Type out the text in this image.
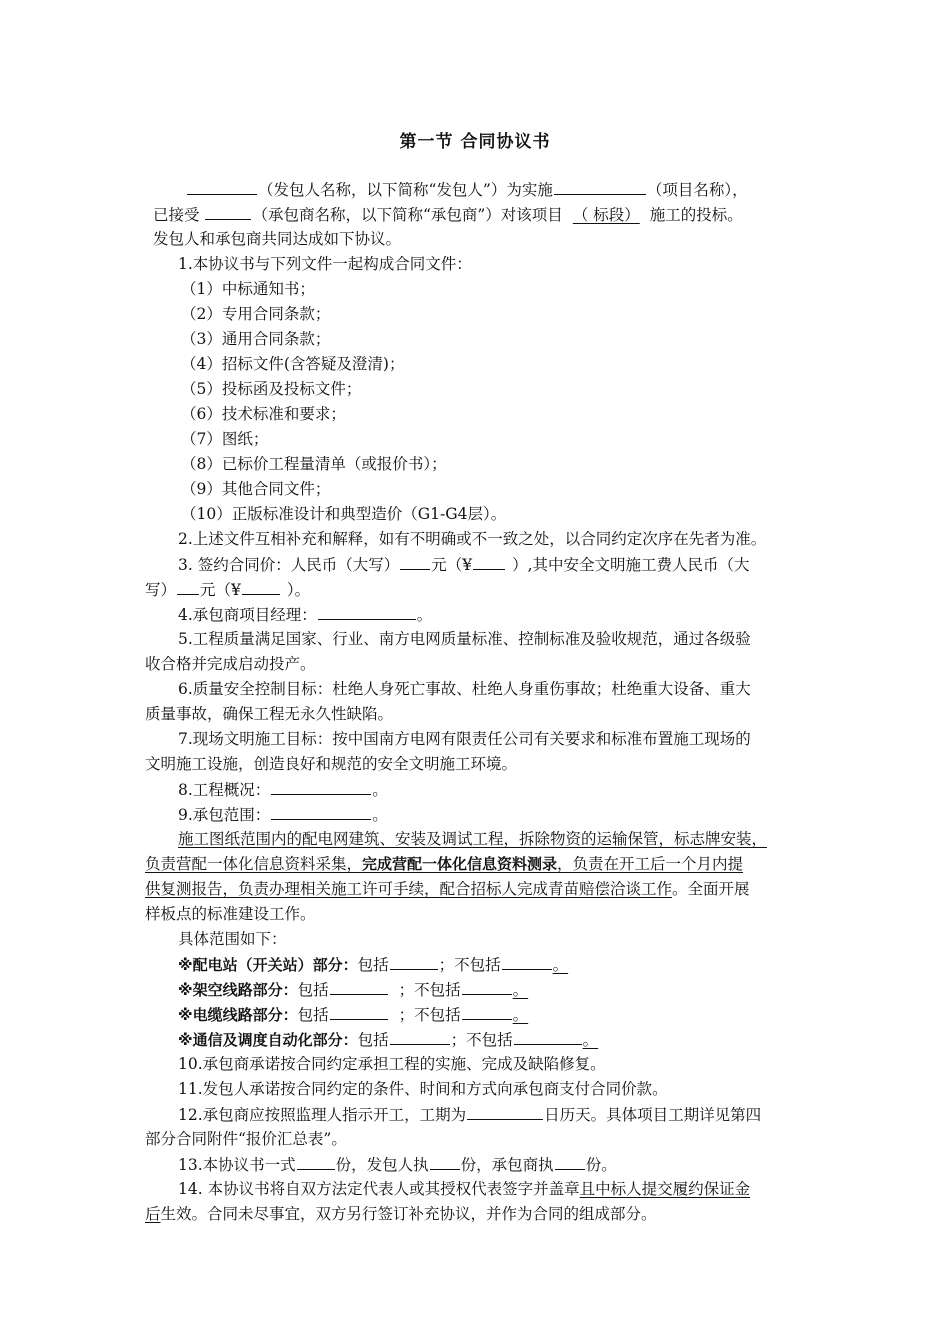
第一节 合同协议书
（发包人名称，以下简称“发包人”）为实施	（项目名称），
已接受	（承包商名称，以下简称“承包商”）对该项目 （ 标段） 施工的投标。
发包人和承包商共同达成如下协议。
1.本协议书与下列文件一起构成合同文件：
（1）中标通知书；
（2）专用合同条款；
（3）通用合同条款；
（4）招标文件(含答疑及澄清)；
（5）投标函及投标文件；
（6）技术标准和要求；
（7）图纸；
（8）已标价工程量清单（或报价书）；
（9）其他合同文件；
（10）正版标准设计和典型造价（G1-G4层）。
2.上述文件互相补充和解释，如有不明确或不一致之处，以合同约定次序在先者为准。
3. 签约合同价：人民币（大写） 元（¥	）,其中安全文明施工费人民币（大
写） 元（¥	）。
4.承包商项目经理：	。
5.工程质量满足国家、行业、南方电网质量标准、控制标准及验收规范，通过各级验
收合格并完成启动投产。
6.质量安全控制目标：杜绝人身死亡事故、杜绝人身重伤事故；杜绝重大设备、重大
质量事故，确保工程无永久性缺陷。
7.现场文明施工目标：按中国南方电网有限责任公司有关要求和标准布置施工现场的
文明施工设施，创造良好和规范的安全文明施工环境。
8.工程概况：	。
9.承包范围：	。
施工图纸范围内的配电网建筑、安装及调试工程，拆除物资的运输保管，标志牌安装，
负责营配一体化信息资料采集，完成营配一体化信息资料测录，负责在开工后一个月内提
供复测报告，负责办理相关施工许可手续，配合招标人完成青苗赔偿洽谈工作。全面开展
样板点的标准建设工作。
具体范围如下：
※配电站（开关站）部分：包括	；不包括	。
※架空线路部分：包括	；不包括	。
※电缆线路部分：包括	；不包括	。
※通信及调度自动化部分：包括	；不包括	。
10.承包商承诺按合同约定承担工程的实施、完成及缺陷修复。
11.发包人承诺按合同约定的条件、时间和方式向承包商支付合同价款。
12.承包商应按照监理人指示开工，工期为	日历天。具体项目工期详见第四
部分合同附件“报价汇总表”。
13.本协议书一式	份，发包人执 份，承包商执 份。
14. 本协议书将自双方法定代表人或其授权代表签字并盖章且中标人提交履约保证金
后生效。合同未尽事宜，双方另行签订补充协议，并作为合同的组成部分。
